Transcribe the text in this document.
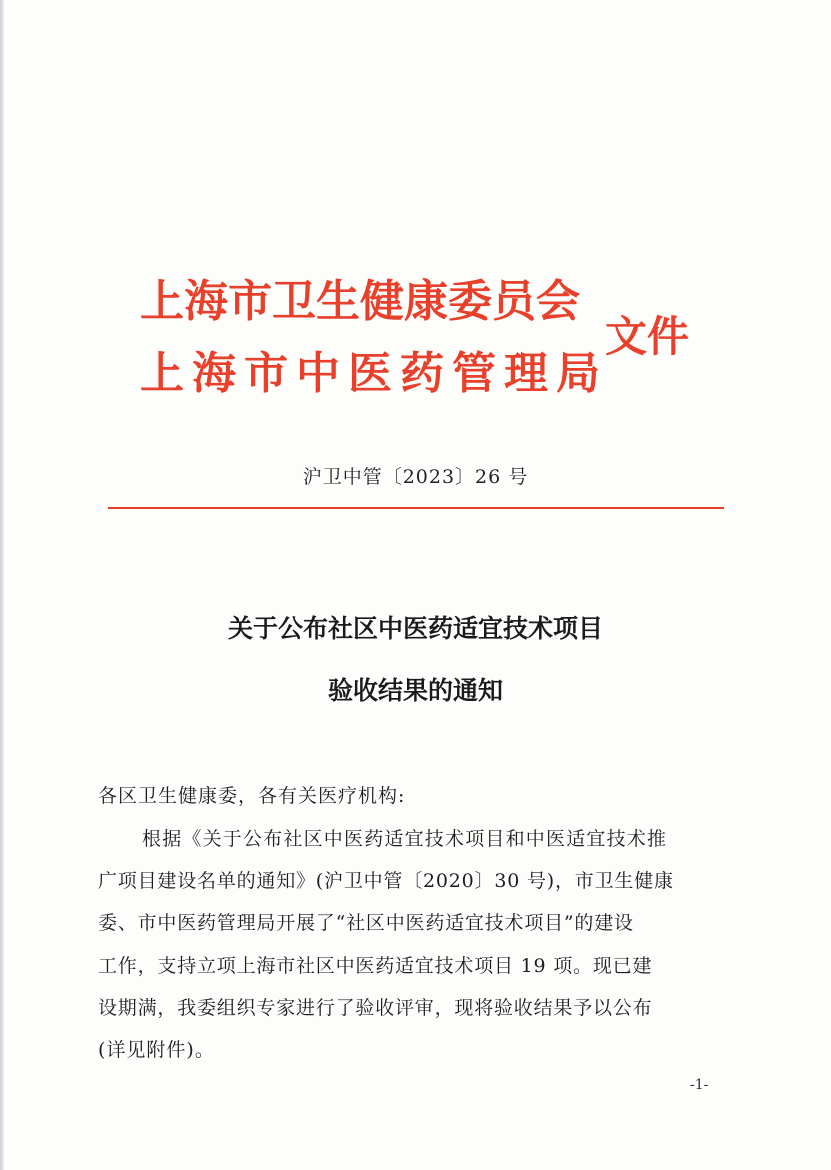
上海市卫生健康委员会
上海市中医药管理局
文件
沪卫中管〔2023〕26 号
关于公布社区中医药适宜技术项目
验收结果的通知
各区卫生健康委，各有关医疗机构:
根据《关于公布社区中医药适宜技术项目和中医适宜技术推
广项目建设名单的通知》(沪卫中管〔2020〕30 号)，市卫生健康
委、市中医药管理局开展了“社区中医药适宜技术项目”的建设
工作，支持立项上海市社区中医药适宜技术项目 19 项。现已建
设期满，我委组织专家进行了验收评审，现将验收结果予以公布
(详见附件)。
-1-
